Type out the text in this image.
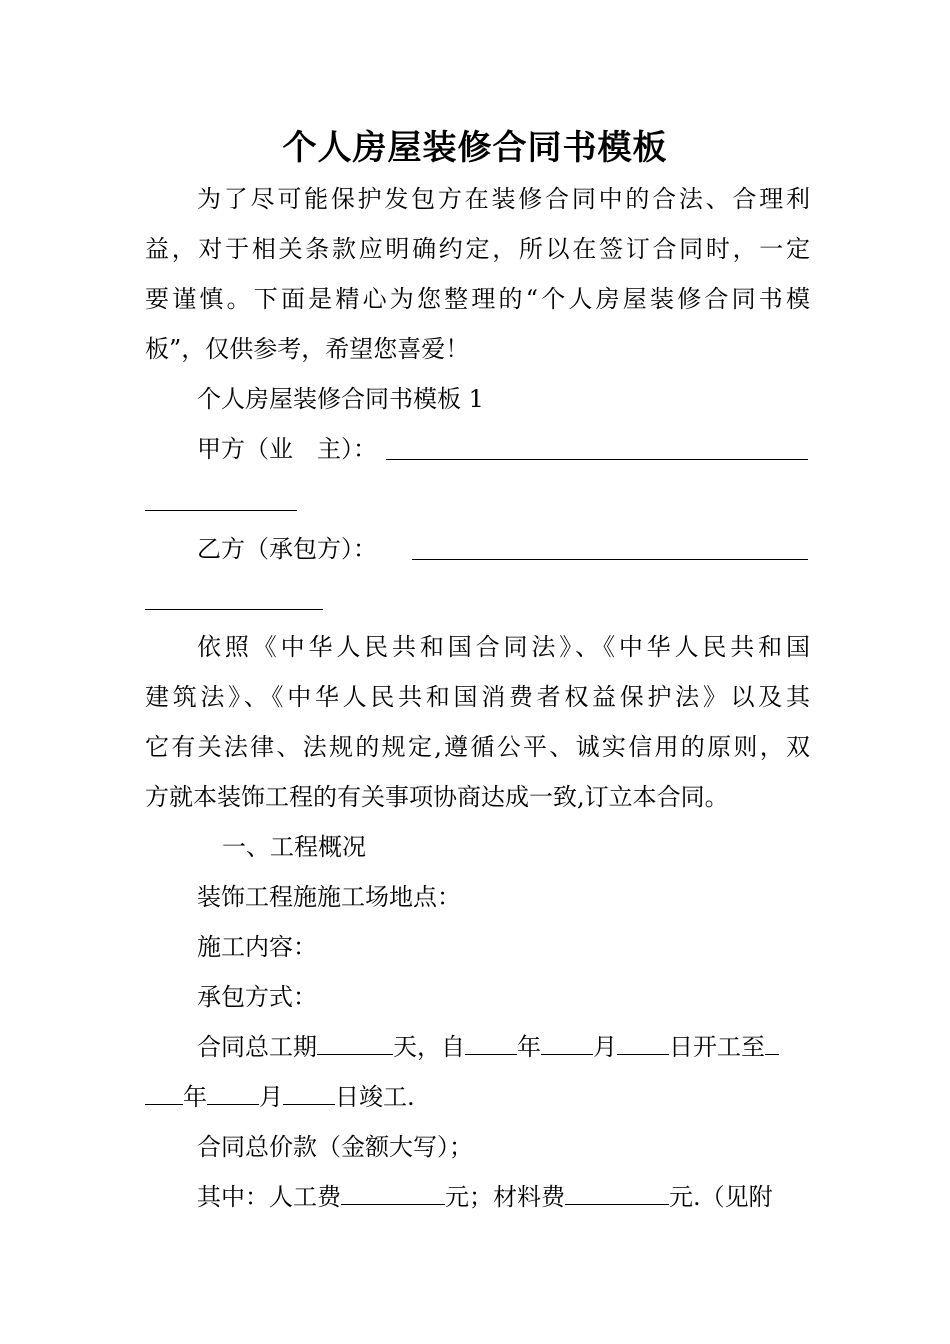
个人房屋装修合同书模板
为了尽可能保护发包方在装修合同中的合法、合理利
益，对于相关条款应明确约定，所以在签订合同时，一定
要谨慎。下面是精心为您整理的“个人房屋装修合同书模
板”，仅供参考，希望您喜爱！
个人房屋装修合同书模板 1
甲方（业　主）：
乙方（承包方）：
依照《中华人民共和国合同法》、《中华人民共和国
建筑法》、《中华人民共和国消费者权益保护法》以及其
它有关法律、法规的规定,遵循公平、诚实信用的原则，双
方就本装饰工程的有关事项协商达成一致,订立本合同。
一、工程概况
装饰工程施施工场地点：
施工内容：
承包方式：
合同总工期	天，自 年 月 日开工至
年 月 日竣工.
合同总价款（金额大写）；
其中：人工费	元；材料费	元.（见附
